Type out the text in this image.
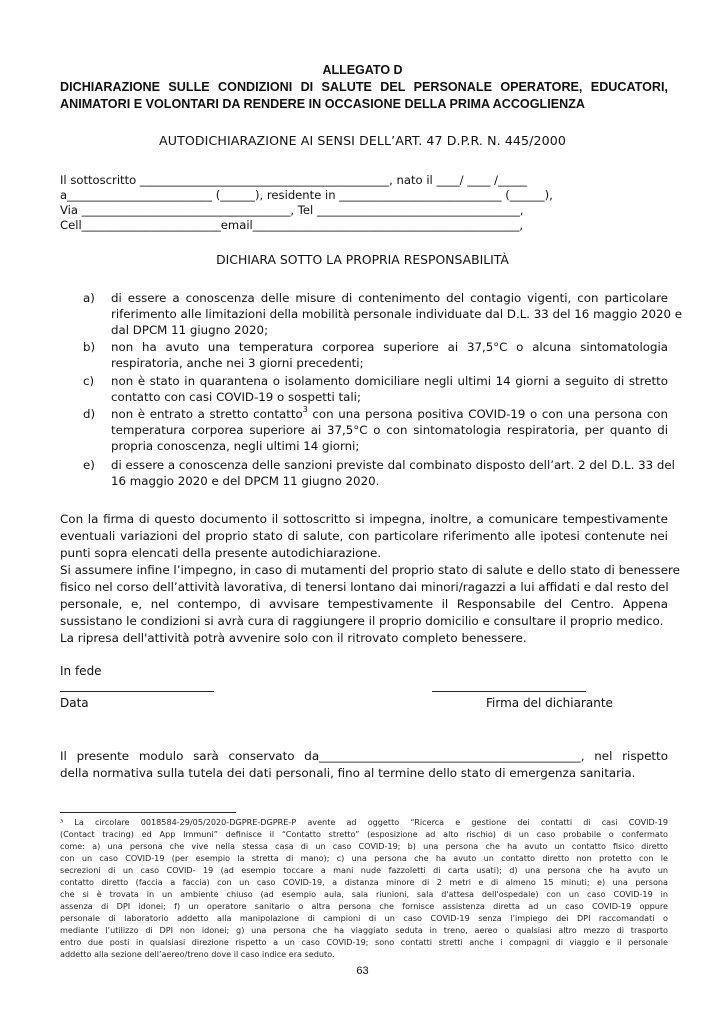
ALLEGATO D
DICHIARAZIONE SULLE CONDIZIONI DI SALUTE DEL PERSONALE OPERATORE, EDUCATORI,
ANIMATORI E VOLONTARI DA RENDERE IN OCCASIONE DELLA PRIMA ACCOGLIENZA
AUTODICHIARAZIONE AI SENSI DELL’ART. 47 D.P.R. N. 445/2000
Il sottoscritto ___________________________________________, nato il ____/ ____ /_____
a_________________________ (______), residente in ____________________________ (______),
Via ____________________________________, Tel ___________________________________,
Cell________________________email______________________________________________,
DICHIARA SOTTO LA PROPRIA RESPONSABILITÀ
a) di essere a conoscenza delle misure di contenimento del contagio vigenti, con particolare
riferimento alle limitazioni della mobilità personale individuate dal D.L. 33 del 16 maggio 2020 e
dal DPCM 11 giugno 2020;
b) non ha avuto una temperatura corporea superiore ai 37,5°C o alcuna sintomatologia
respiratoria, anche nei 3 giorni precedenti;
c) non è stato in quarantena o isolamento domiciliare negli ultimi 14 giorni a seguito di stretto
contatto con casi COVID-19 o sospetti tali;
d) non è entrato a stretto contatto$^3$ con una persona positiva COVID-19 o con una persona con
temperatura corporea superiore ai 37,5°C o con sintomatologia respiratoria, per quanto di
propria conoscenza, negli ultimi 14 giorni;
e) di essere a conoscenza delle sanzioni previste dal combinato disposto dell’art. 2 del D.L. 33 del
16 maggio 2020 e del DPCM 11 giugno 2020.
Con la firma di questo documento il sottoscritto si impegna, inoltre, a comunicare tempestivamente
eventuali variazioni del proprio stato di salute, con particolare riferimento alle ipotesi contenute nei
punti sopra elencati della presente autodichiarazione.
Si assumere infine l’impegno, in caso di mutamenti del proprio stato di salute e dello stato di benessere
fisico nel corso dell’attività lavorativa, di tenersi lontano dai minori/ragazzi a lui affidati e dal resto del
personale, e, nel contempo, di avvisare tempestivamente il Responsabile del Centro. Appena
sussistano le condizioni si avrà cura di raggiungere il proprio domicilio e consultare il proprio medico.
La ripresa dell'attività potrà avvenire solo con il ritrovato completo benessere.
In fede
Data	Firma del dichiarante
Il presente modulo sarà conservato da____________________________________________, nel rispetto
della normativa sulla tutela dei dati personali, fino al termine dello stato di emergenza sanitaria.
³ La circolare 0018584-29/05/2020-DGPRE-DGPRE-P avente ad oggetto “Ricerca e gestione dei contatti di casi COVID-19
(Contact tracing) ed App Immuni” definisce il “Contatto stretto” (esposizione ad alto rischio) di un caso probabile o confermato
come: a) una persona che vive nella stessa casa di un caso COVID-19; b) una persona che ha avuto un contatto fisico diretto
con un caso COVID-19 (per esempio la stretta di mano); c) una persona che ha avuto un contatto diretto non protetto con le
secrezioni di un caso COVID- 19 (ad esempio toccare a mani nude fazzoletti di carta usati); d) una persona che ha avuto un
contatto diretto (faccia a faccia) con un caso COVID-19, a distanza minore di 2 metri e di almeno 15 minuti; e) una persona
che si è trovata in un ambiente chiuso (ad esempio aula, sala riunioni, sala d'attesa dell'ospedale) con un caso COVID-19 in
assenza di DPI idonei; f) un operatore sanitario o altra persona che fornisce assistenza diretta ad un caso COVID-19 oppure
personale di laboratorio addetto alla manipolazione di campioni di un caso COVID-19 senza l’impiego dei DPI raccomandati o
mediante l’utilizzo di DPI non idonei; g) una persona che ha viaggiato seduta in treno, aereo o qualsiasi altro mezzo di trasporto
entro due posti in qualsiasi direzione rispetto a un caso COVID-19; sono contatti stretti anche i compagni di viaggio e il personale
addetto alla sezione dell’aereo/treno dove il caso indice era seduto.
63
